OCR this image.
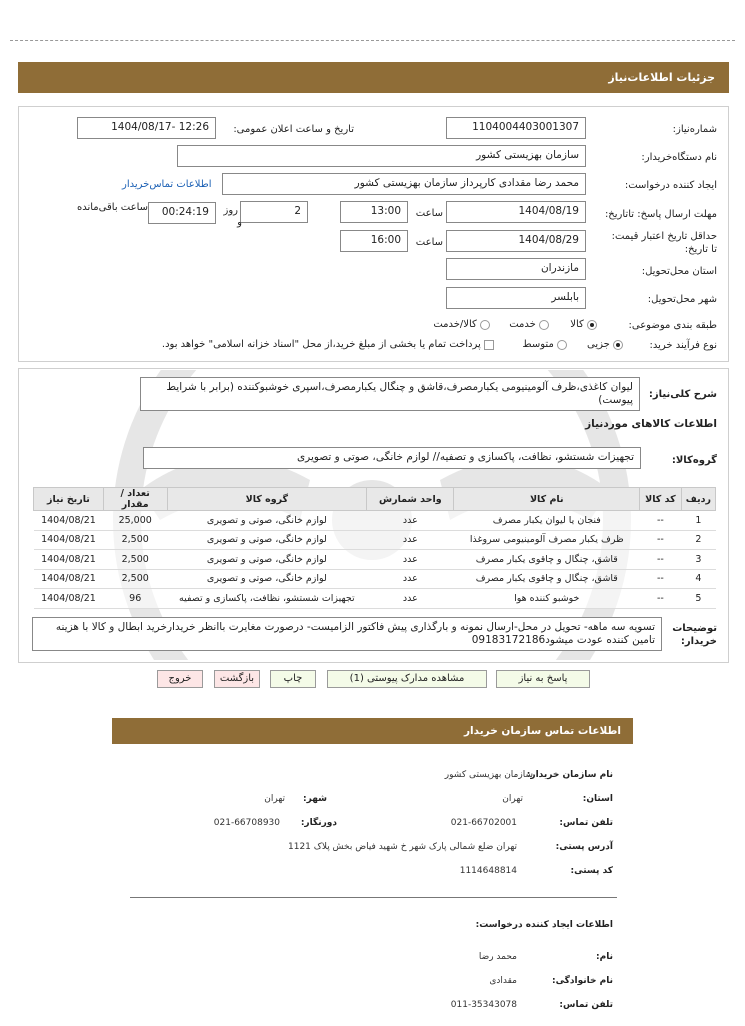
جزئیات اطلاعات‌نیاز
شماره‌نیاز:
1104004403001307
تاریخ و ساعت اعلان عمومی:
1404/08/17- 12:26
نام دستگاه‌خریدار:
سازمان بهزیستی کشور
ایجاد کننده درخواست:
محمد رضا مقدادی کارپرداز سازمان بهزیستی کشور
اطلاعات تماس‌خریدار
مهلت ارسال پاسخ: تاتاریخ:
1404/08/19
ساعت
13:00
2
روز
و
00:24:19
ساعت باقی‌مانده
حداقل تاریخ اعتبار قیمت: تا تاریخ:
1404/08/29
ساعت
16:00
استان محل‌تحویل:
مازندران
شهر محل‌تحویل:
بابلسر
طبقه بندی موضوعی:
کالا
خدمت
کالا/خدمت
نوع فرآیند خرید:
جزیی
متوسط
پرداخت تمام یا بخشی از مبلغ خرید،از محل "اسناد خزانه اسلامی" خواهد بود.
شرح کلی‌نیاز:
لیوان کاغذی،ظرف آلومینیومی یکبارمصرف،قاشق و چنگال یکبارمصرف،اسپری خوشبوکننده (برابر با شرایط پیوست)
اطلاعات کالاهای موردنیاز
گروه‌کالا:
تجهیزات شستشو، نظافت، پاکسازی و تصفیه// لوازم خانگی، صوتی و تصویری
ردیف	کد کالا	نام کالا	واحد شمارش	گروه کالا	تعداد / مقدار	تاریخ نیاز
1	--	فنجان یا لیوان یکبار مصرف	عدد	لوازم خانگی، صوتی و تصویری	25,000	1404/08/21
2	--	ظرف یکبار مصرف آلومینیومی سروغذا	عدد	لوازم خانگی، صوتی و تصویری	2,500	1404/08/21
3	--	قاشق، چنگال و چاقوی یکبار مصرف	عدد	لوازم خانگی، صوتی و تصویری	2,500	1404/08/21
4	--	قاشق، چنگال و چاقوی یکبار مصرف	عدد	لوازم خانگی، صوتی و تصویری	2,500	1404/08/21
5	--	خوشبو کننده هوا	عدد	تجهیزات شستشو، نظافت، پاکسازی و تصفیه	96	1404/08/21
توضیحات خریدار:
تسویه سه ماهه- تحویل در محل-ارسال نمونه و بارگذاری پیش فاکتور الزامیست- درصورت مغایرت باانظر خریدارخرید ابطال و کالا با هزینه تامین کننده عودت میشود09183172186
پاسخ به نیاز
مشاهده مدارک پیوستی (1)
چاپ
بازگشت
خروج
اطلاعات تماس سازمان خریدار
نام سازمان خریدار:
سازمان بهزیستی کشور
استان:
تهران
شهر:
تهران
تلفن تماس:
021-66702001
دورنگار:
021-66708930
آدرس پستی:
تهران ضلع شمالی پارک شهر خ شهید فیاض بخش پلاک 1121
کد پستی:
1114648814
اطلاعات ایجاد کننده درخواست:
نام:
محمد رضا
نام خانوادگی:
مقدادی
تلفن تماس:
011-35343078
